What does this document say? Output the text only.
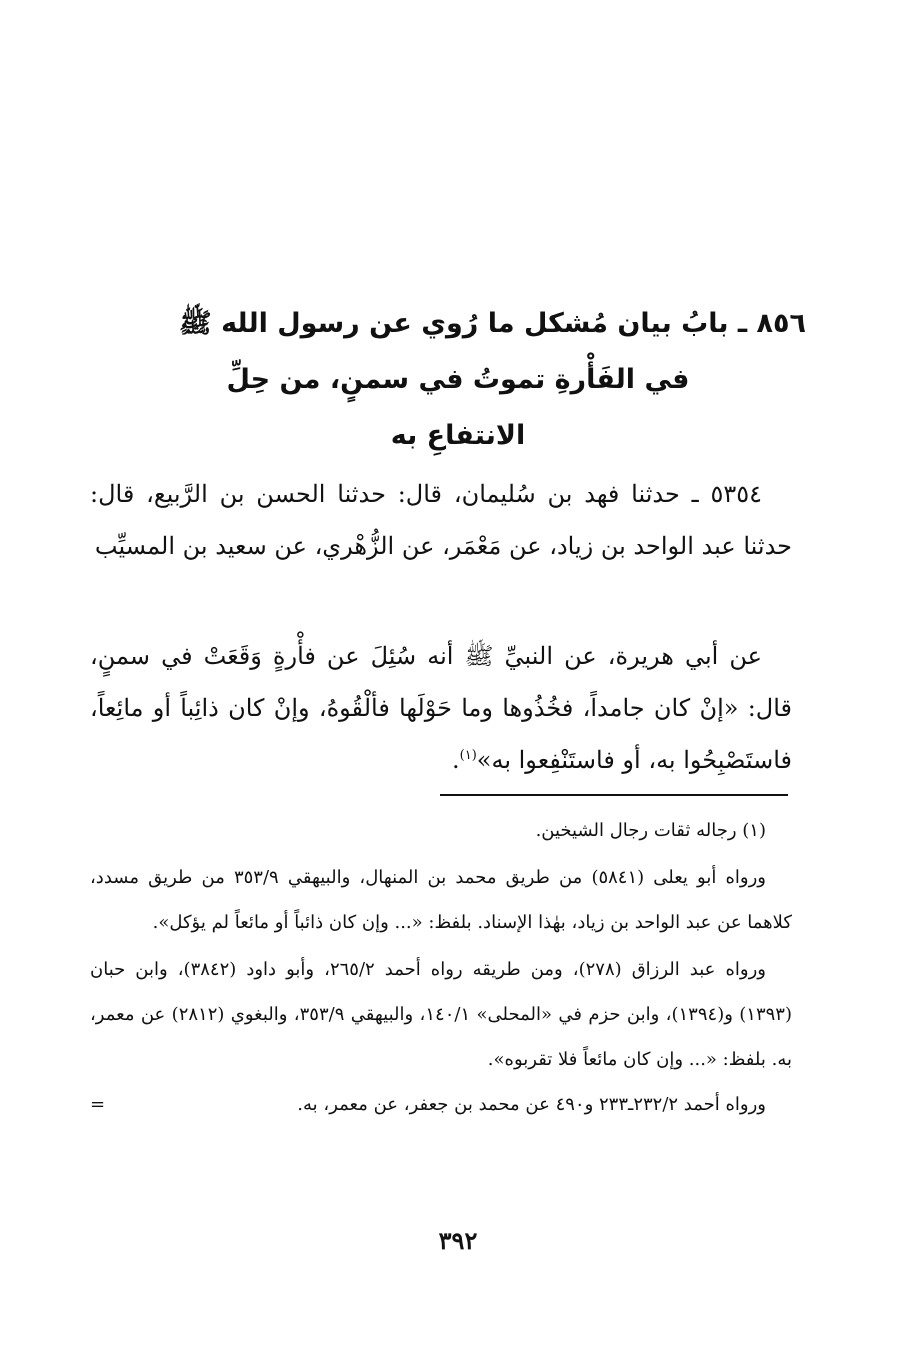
٨٥٦ ـ بابُ بيان مُشكل ما رُوي عن رسول الله ﷺ
في الفَأْرةِ تموتُ في سمنٍ، من حِلِّ
الانتفاعِ به
٥٣٥٤ ـ حدثنا فهد بن سُليمان، قال: حدثنا الحسن بن الرَّبيع، قال: حدثنا عبد الواحد بن زياد، عن مَعْمَر، عن الزُّهْري، عن سعيد بن المسيِّب
عن أبي هريرة، عن النبيِّ ﷺ أنه سُئِلَ عن فأْرةٍ وَقَعَتْ في سمنٍ، قال: «إنْ كان جامداً، فخُذُوها وما حَوْلَها فألْقُوهُ، وإنْ كان ذائِباً أو مائِعاً، فاستَصْبِحُوا به، أو فاستَنْفِعوا به»$^{(١)}$.

(١) رجاله ثقات رجال الشيخين.

ورواه أبو يعلى (٥٨٤١) من طريق محمد بن المنهال، والبيهقي ٣٥٣/٩ من طريق مسدد، كلاهما عن عبد الواحد بن زياد، بهٰذا الإسناد. بلفظ: «... وإن كان ذائباً أو مائعاً لم يؤكل».

ورواه عبد الرزاق (٢٧٨)، ومن طريقه رواه أحمد ٢٦٥/٢، وأبو داود (٣٨٤٢)، وابن حبان (١٣٩٣) و(١٣٩٤)، وابن حزم في «المحلى» ١٤٠/١، والبيهقي ٣٥٣/٩، والبغوي (٢٨١٢) عن معمر، به. بلفظ: «... وإن كان مائعاً فلا تقربوه».

ورواه أحمد ٢٣٢/٢ـ٢٣٣ و٤٩٠ عن محمد بن جعفر، عن معمر، به.

=
٣٩٢
